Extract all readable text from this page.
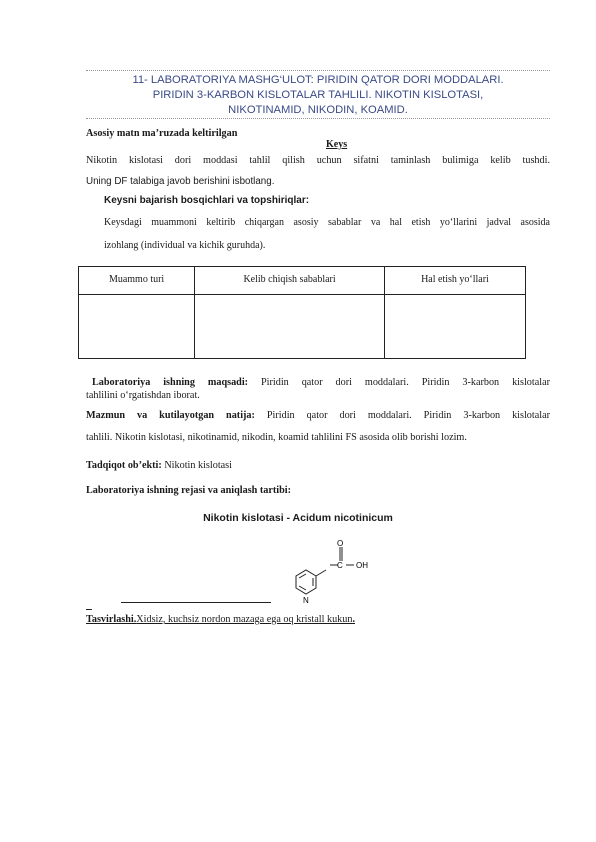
11- LABORATORIYA MASHG‘ULOT: PIRIDIN QATOR DORI MODDALARI.
PIRIDIN 3-KARBON KISLOTALAR TAHLILI. NIKOTIN KISLOTASI,
NIKOTINAMID, NIKODIN, KOAMID.
Asosiy matn ma’ruzada keltirilgan
Keys
Nikotin kislotasi dori moddasi tahlil qilish uchun sifatni taminlash bulimiga kelib tushdi.
Uning DF talabiga javob berishini isbotlang.
Keysni bajarish bosqichlari va topshiriqlar:
Keysdagi muammoni keltirib chiqargan asosiy sabablar va hal etish yo‘llarini jadval asosida
izohlang (individual va kichik guruhda).
Muammo turi	Kelib chiqish sabablari	Hal etish yo‘llari

Laboratoriya ishning maqsadi: Piridin qator dori moddalari. Piridin 3-karbon kislotalar
tahlilini o‘rgatishdan iborat.
Mazmun va kutilayotgan natija: Piridin qator dori moddalari. Piridin 3-karbon kislotalar
tahlili. Nikotin kislotasi, nikotinamid, nikodin, koamid tahlilini FS asosida olib borishi lozim.
Tadqiqot ob’ekti: Nikotin kislotasi
Laboratoriya ishning rejasi va aniqlash tartibi:
Nikotin kislotasi - Acidum nicotinicum
O
C OH
N
Tasvirlashi.Xidsiz, kuchsiz nordon mazaga ega oq kristall kukun.
